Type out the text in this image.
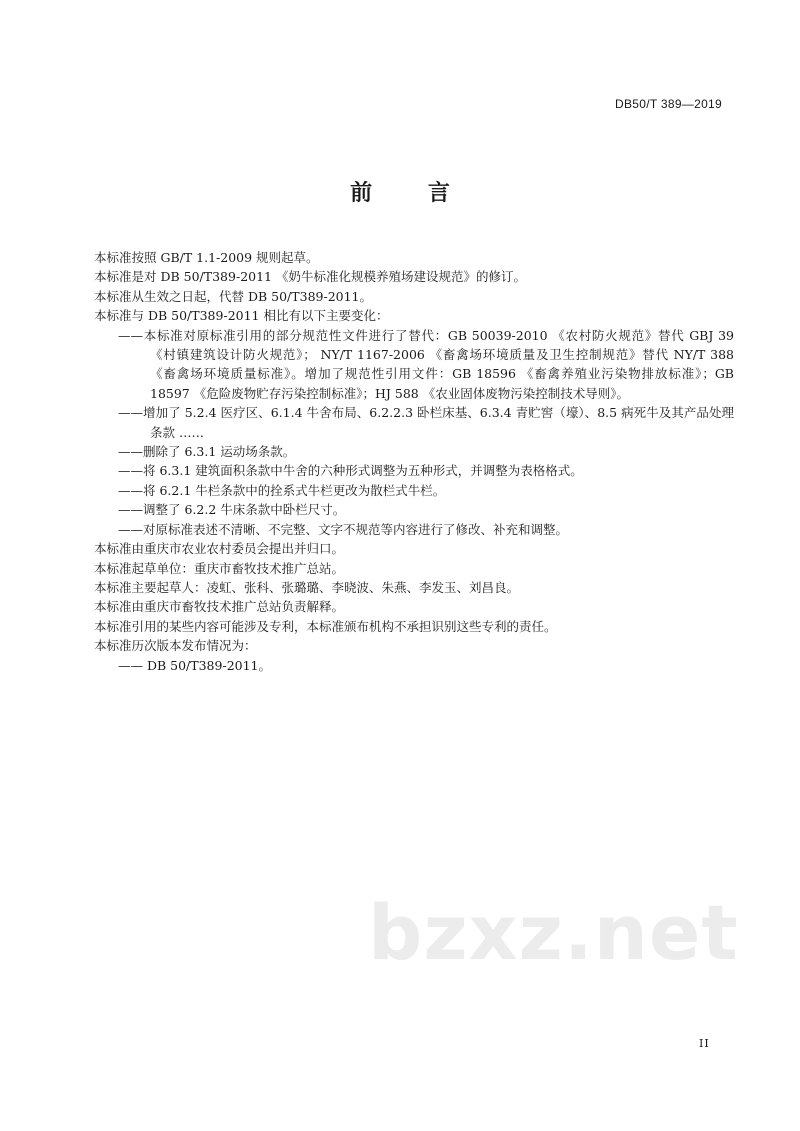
DB50/T 389—2019
前 言

本标准按照 GB/T 1.1-2009 规则起草。

本标准是对 DB 50/T389-2011 《奶牛标准化规模养殖场建设规范》的修订。

本标准从生效之日起，代替 DB 50/T389-2011。

本标准与 DB 50/T389-2011 相比有以下主要变化：

——本标准对原标准引用的部分规范性文件进行了替代：GB 50039-2010 《农村防火规范》替代 GBJ 39 《村镇建筑设计防火规范》； NY/T 1167-2006 《畜禽场环境质量及卫生控制规范》替代 NY/T 388 《畜禽场环境质量标准》。增加了规范性引用文件：GB 18596 《畜禽养殖业污染物排放标准》；GB 18597 《危险废物贮存污染控制标准》；HJ 588 《农业固体废物污染控制技术导则》。

——增加了 5.2.4 医疗区、6.1.4 牛舍布局、6.2.2.3 卧栏床基、6.3.4 青贮窖（壕）、8.5 病死牛及其产品处理条款 ……

——删除了 6.3.1 运动场条款。

——将 6.3.1 建筑面积条款中牛舍的六种形式调整为五种形式，并调整为表格格式。

——将 6.2.1 牛栏条款中的拴系式牛栏更改为散栏式牛栏。

——调整了 6.2.2 牛床条款中卧栏尺寸。

——对原标准表述不清晰、不完整、文字不规范等内容进行了修改、补充和调整。

本标准由重庆市农业农村委员会提出并归口。

本标准起草单位：重庆市畜牧技术推广总站。

本标准主要起草人：凌虹、张科、张璐璐、李晓波、朱燕、李发玉、刘昌良。

本标准由重庆市畜牧技术推广总站负责解释。

本标准引用的某些内容可能涉及专利，本标准颁布机构不承担识别这些专利的责任。

本标准历次版本发布情况为：

—— DB 50/T389-2011。

bzxz.net
II
